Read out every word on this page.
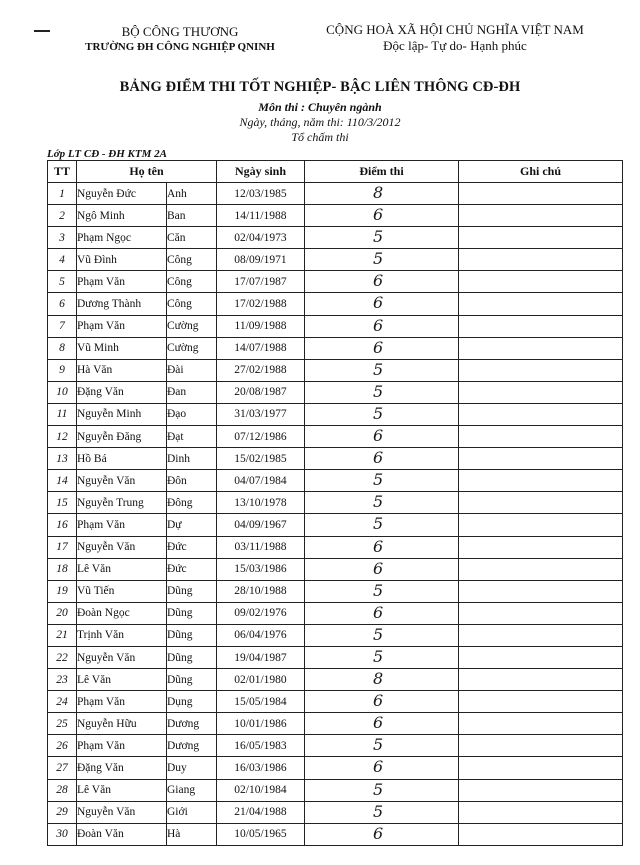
BỘ CÔNG THƯƠNG
TRƯỜNG ĐH CÔNG NGHIỆP QNINH
CỘNG HOÀ XÃ HỘI CHỦ NGHĨA VIỆT NAM
Độc lập- Tự do- Hạnh phúc
BẢNG ĐIỂM THI TỐT NGHIỆP- BẬC LIÊN THÔNG CĐ-ĐH
Môn thi : Chuyên ngành
Ngày, tháng, năm thi: 110/3/2012
Tổ chấm thi
Lớp LT CĐ - ĐH KTM 2A
TT	Họ tên		Ngày sinh	Điểm thi	Ghi chú
1	Nguyễn Đức	Anh	12/03/1985	8	

2	Ngô Minh	Ban	14/11/1988	6	

3	Phạm Ngọc	Căn	02/04/1973	5	

4	Vũ Đình	Công	08/09/1971	5	

5	Phạm Văn	Công	17/07/1987	6	

6	Dương Thành	Công	17/02/1988	6	

7	Phạm Văn	Cường	11/09/1988	6	

8	Vũ Minh	Cường	14/07/1988	6	

9	Hà Văn	Đài	27/02/1988	5	

10	Đặng Văn	Đan	20/08/1987	5	

11	Nguyễn Minh	Đạo	31/03/1977	5	

12	Nguyễn Đăng	Đạt	07/12/1986	6	

13	Hồ Bá	Dinh	15/02/1985	6	

14	Nguyễn Văn	Đôn	04/07/1984	5	

15	Nguyễn Trung	Đông	13/10/1978	5	

16	Phạm Văn	Dự	04/09/1967	5	

17	Nguyễn Văn	Đức	03/11/1988	6	

18	Lê Văn	Đức	15/03/1986	6	

19	Vũ Tiến	Dũng	28/10/1988	5	

20	Đoàn Ngọc	Dũng	09/02/1976	6	

21	Trịnh Văn	Dũng	06/04/1976	5	

22	Nguyễn Văn	Dũng	19/04/1987	5	

23	Lê Văn	Dũng	02/01/1980	8	

24	Phạm Văn	Dụng	15/05/1984	6	

25	Nguyễn Hữu	Dương	10/01/1986	6	

26	Phạm Văn	Dương	16/05/1983	5	

27	Đặng Văn	Duy	16/03/1986	6	

28	Lê Văn	Giang	02/10/1984	5	

29	Nguyễn Văn	Giới	21/04/1988	5	

30	Đoàn Văn	Hà	10/05/1965	6	
